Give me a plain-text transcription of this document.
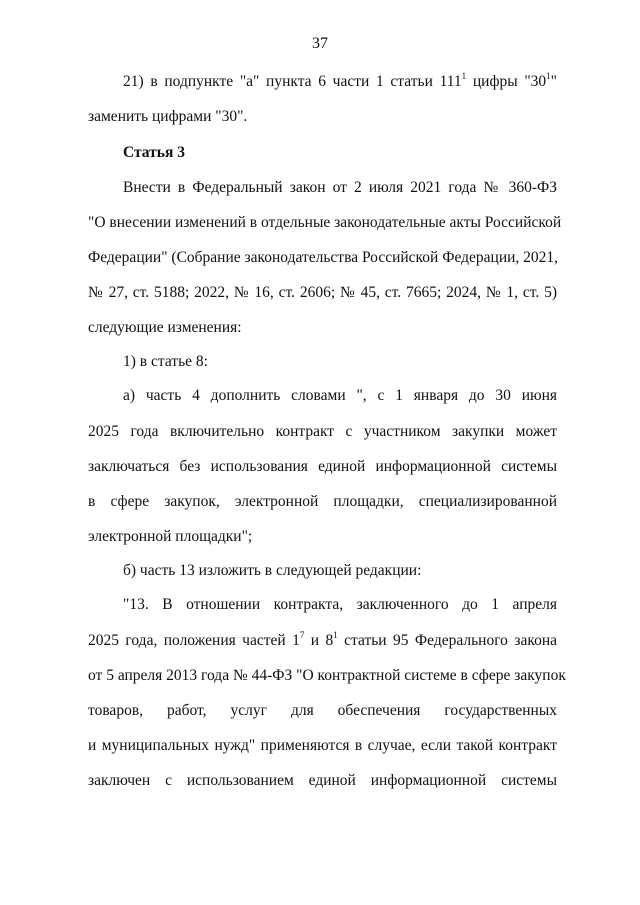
37
21) в подпункте "а" пункта 6 части 1 статьи $111^1$ цифры "$30^1$"
заменить цифрами "30".
Статья 3
Внести в Федеральный закон от 2 июля 2021 года № 360-ФЗ
"О внесении изменений в отдельные законодательные акты Российской
Федерации" (Собрание законодательства Российской Федерации, 2021,
№ 27, ст. 5188; 2022, № 16, ст. 2606; № 45, ст. 7665; 2024, № 1, ст. 5)
следующие изменения:
1) в статье 8:
а) часть 4 дополнить словами ", с 1 января до 30 июня
2025 года включительно контракт с участником закупки может
заключаться без использования единой информационной системы
в сфере закупок, электронной площадки, специализированной
электронной площадки";
б) часть 13 изложить в следующей редакции:
"13. В отношении контракта, заключенного до 1 апреля
2025 года, положения частей $1^7$ и $8^1$ статьи 95 Федерального закона
от 5 апреля 2013 года № 44-ФЗ "О контрактной системе в сфере закупок
товаров, работ, услуг для обеспечения государственных
и муниципальных нужд" применяются в случае, если такой контракт
заключен с использованием единой информационной системы
